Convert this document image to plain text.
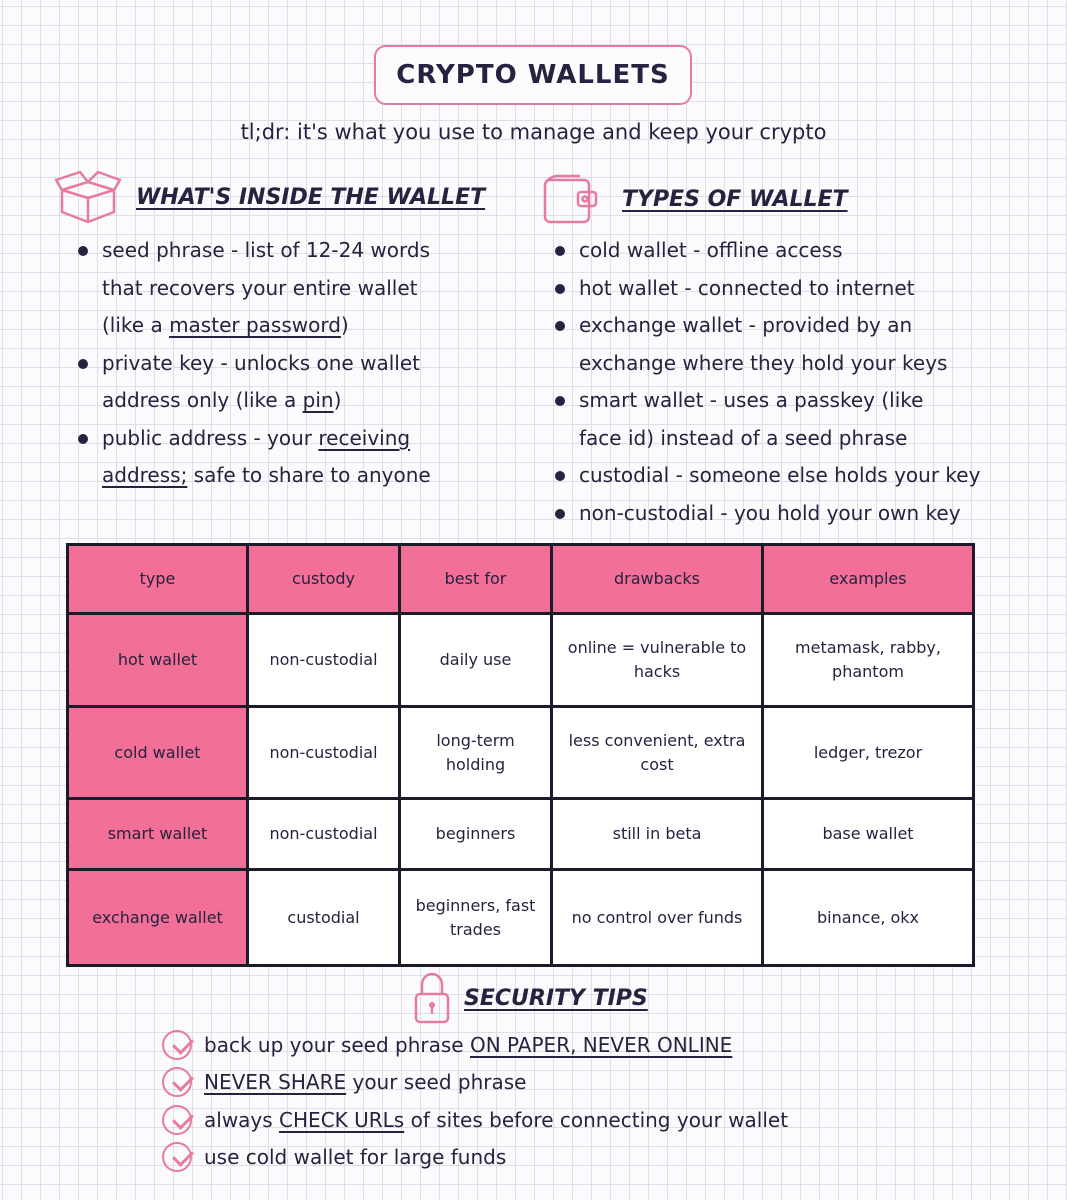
CRYPTO WALLETS
tl;dr: it's what you use to manage and keep your crypto
WHAT'S INSIDE THE WALLET	TYPES OF WALLET
seed phrase - list of 12-24 words
that recovers your entire wallet
(like a master password)
private key - unlocks one wallet
address only (like a pin)
public address - your receiving
address; safe to share to anyone
cold wallet - offline access
hot wallet - connected to internet
exchange wallet - provided by an
exchange where they hold your keys
smart wallet - uses a passkey (like
face id) instead of a seed phrase
custodial - someone else holds your key
non-custodial - you hold your own key
type	custody	best for	drawbacks	examples
hot wallet	non-custodial	daily use	online = vulnerable to hacks	metamask, rabby, phantom
cold wallet	non-custodial	long-term holding	less convenient, extra cost	ledger, trezor
smart wallet	non-custodial	beginners	still in beta	base wallet
exchange wallet	custodial	beginners, fast trades	no control over funds	binance, okx
SECURITY TIPS
back up your seed phrase ON PAPER, NEVER ONLINE
NEVER SHARE your seed phrase
always CHECK URLs of sites before connecting your wallet
use cold wallet for large funds
